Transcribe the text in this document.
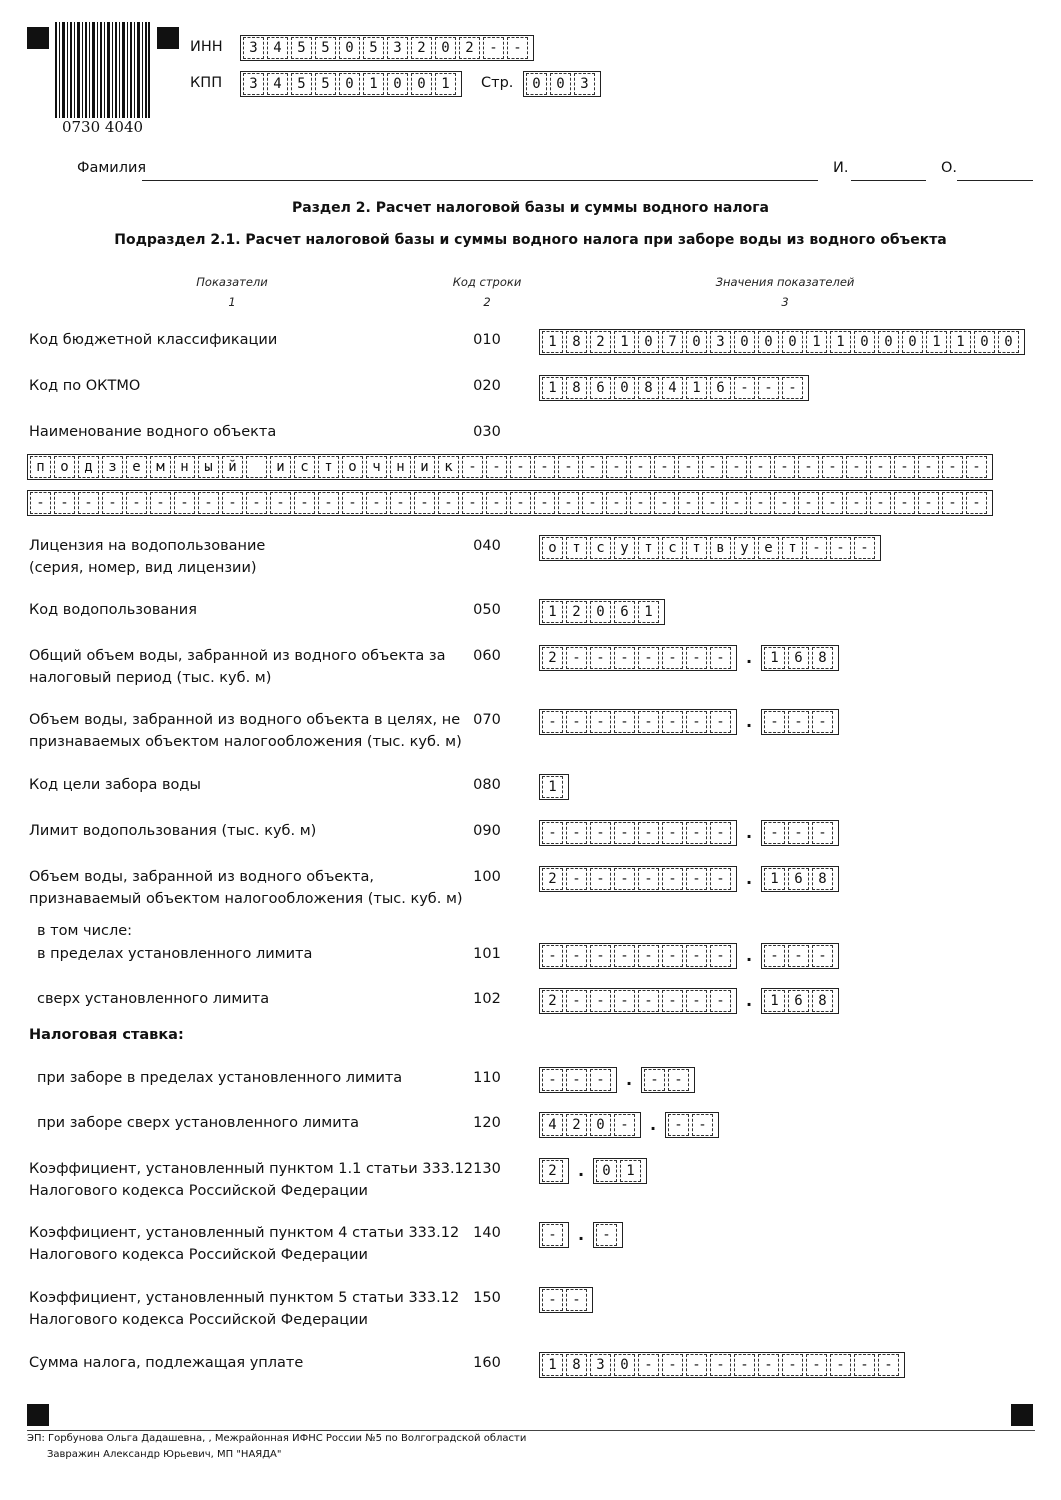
0730 4040
ИНН	3	4	5	5	0	5	3	2	0	2	-	-
КПП	3	4	5	5	0	1	0	0	1	Стр.	0	0	3
Фамилия	И.	О.
Раздел 2. Расчет налоговой базы и суммы водного налога
Подраздел 2.1. Расчет налоговой базы и суммы водного налога при заборе воды из водного объекта
Показатели
1
Код строки
2
Значения показателей
3
Код бюджетной классификации	010	1	8	2	1	0	7	0	3	0	0	0	1	1	0	0	0	1	1	0	0
Код по ОКТМО	020	1	8	6	0	8	4	1	6	-	-	-
Наименование водного объекта	030
п	о	д	з	е	м	н	ы	й	и	с	т	о	ч	н	и	к	-	-	-	-	-	-	-	-	-	-	-	-	-	-	-	-	-	-	-	-	-	-
-	-	-	-	-	-	-	-	-	-	-	-	-	-	-	-	-	-	-	-	-	-	-	-	-	-	-	-	-	-	-	-	-	-	-	-	-	-	-	-
Лицензия на водопользование
(серия, номер, вид лицензии)
040	о	т	с	у	т	с	т	в	у	е	т	-	-	-
Код водопользования	050	1	2	0	6	1
Общий объем воды, забранной из водного объекта за
налоговый период (тыс. куб. м)
060	2	-	-	-	-	-	-	-	.	1	6	8
Объем воды, забранной из водного объекта в целях, не
признаваемых объектом налогообложения (тыс. куб. м)
070	-	-	-	-	-	-	-	-	.	-	-	-
Код цели забора воды	080	1
Лимит водопользования (тыс. куб. м)	090	-	-	-	-	-	-	-	-	.	-	-	-
Объем воды, забранной из водного объекта,
признаваемый объектом налогообложения (тыс. куб. м)
100	2	-	-	-	-	-	-	-	.	1	6	8
в том числе:
в пределах установленного лимита	101	-	-	-	-	-	-	-	-	.	-	-	-
сверх установленного лимита	102	2	-	-	-	-	-	-	-	.	1	6	8
Налоговая ставка:
при заборе в пределах установленного лимита	110	-	-	-	.	-	-
при заборе сверх установленного лимита	120	4	2	0	-	.	-	-
Коэффициент, установленный пунктом 1.1 статьи 333.12
Налогового кодекса Российской Федерации
130	2	.	0	1
Коэффициент, установленный пунктом 4 статьи 333.12
Налогового кодекса Российской Федерации
140	-	.	-
Коэффициент, установленный пунктом 5 статьи 333.12
Налогового кодекса Российской Федерации
150	-	-
Сумма налога, подлежащая уплате	160	1	8	3	0	-	-	-	-	-	-	-	-	-	-	-
ЭП: Горбунова Ольга Дадашевна, , Межрайонная ИФНС России №5 по Волгоградской области
Завражин Александр Юрьевич, МП "НАЯДА"
